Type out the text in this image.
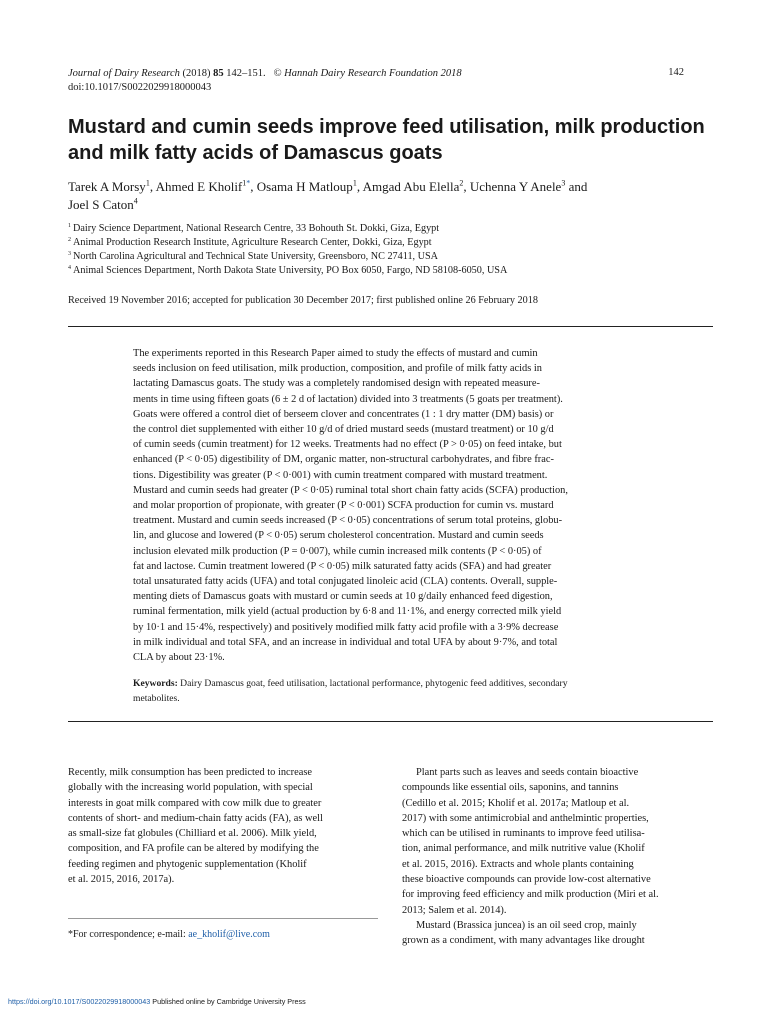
Journal of Dairy Research (2018) 85 142–151. © Hannah Dairy Research Foundation 2018
doi:10.1017/S0022029918000043
142
Mustard and cumin seeds improve feed utilisation, milk production
and milk fatty acids of Damascus goats
Tarek A Morsy$^1$, Ahmed E Kholif$^{1*}$, Osama H Matloup$^1$, Amgad Abu Elella$^2$, Uchenna Y Anele$^3$ and
Joel S Caton$^4$
$^1$ Dairy Science Department, National Research Centre, 33 Bohouth St. Dokki, Giza, Egypt
$^2$ Animal Production Research Institute, Agriculture Research Center, Dokki, Giza, Egypt
$^3$ North Carolina Agricultural and Technical State University, Greensboro, NC 27411, USA
$^4$ Animal Sciences Department, North Dakota State University, PO Box 6050, Fargo, ND 58108-6050, USA
Received 19 November 2016; accepted for publication 30 December 2017; first published online 26 February 2018
The experiments reported in this Research Paper aimed to study the effects of mustard and cumin
seeds inclusion on feed utilisation, milk production, composition, and profile of milk fatty acids in
lactating Damascus goats. The study was a completely randomised design with repeated measure-
ments in time using fifteen goats (6 ± 2 d of lactation) divided into 3 treatments (5 goats per treatment).
Goats were offered a control diet of berseem clover and concentrates (1 : 1 dry matter (DM) basis) or
the control diet supplemented with either 10 g/d of dried mustard seeds (mustard treatment) or 10 g/d
of cumin seeds (cumin treatment) for 12 weeks. Treatments had no effect (P > 0·05) on feed intake, but
enhanced (P < 0·05) digestibility of DM, organic matter, non-structural carbohydrates, and fibre frac-
tions. Digestibility was greater (P < 0·001) with cumin treatment compared with mustard treatment.
Mustard and cumin seeds had greater (P < 0·05) ruminal total short chain fatty acids (SCFA) production,
and molar proportion of propionate, with greater (P < 0·001) SCFA production for cumin vs. mustard
treatment. Mustard and cumin seeds increased (P < 0·05) concentrations of serum total proteins, globu-
lin, and glucose and lowered (P < 0·05) serum cholesterol concentration. Mustard and cumin seeds
inclusion elevated milk production (P = 0·007), while cumin increased milk contents (P < 0·05) of
fat and lactose. Cumin treatment lowered (P < 0·05) milk saturated fatty acids (SFA) and had greater
total unsaturated fatty acids (UFA) and total conjugated linoleic acid (CLA) contents. Overall, supple-
menting diets of Damascus goats with mustard or cumin seeds at 10 g/daily enhanced feed digestion,
ruminal fermentation, milk yield (actual production by 6·8 and 11·1%, and energy corrected milk yield
by 10·1 and 15·4%, respectively) and positively modified milk fatty acid profile with a 3·9% decrease
in milk individual and total SFA, and an increase in individual and total UFA by about 9·7%, and total
CLA by about 23·1%.
Keywords: Dairy Damascus goat, feed utilisation, lactational performance, phytogenic feed additives, secondary
metabolites.

Recently, milk consumption has been predicted to increase

globally with the increasing world population, with special

interests in goat milk compared with cow milk due to greater

contents of short- and medium-chain fatty acids (FA), as well

as small-size fat globules (Chilliard et al. 2006). Milk yield,

composition, and FA profile can be altered by modifying the

feeding regimen and phytogenic supplementation (Kholif

et al. 2015, 2016, 2017a).

Plant parts such as leaves and seeds contain bioactive

compounds like essential oils, saponins, and tannins

(Cedillo et al. 2015; Kholif et al. 2017a; Matloup et al.

2017) with some antimicrobial and anthelmintic properties,

which can be utilised in ruminants to improve feed utilisa-

tion, animal performance, and milk nutritive value (Kholif

et al. 2015, 2016). Extracts and whole plants containing

these bioactive compounds can provide low-cost alternative

for improving feed efficiency and milk production (Miri et al.

2013; Salem et al. 2014).

Mustard (Brassica juncea) is an oil seed crop, mainly

grown as a condiment, with many advantages like drought

*For correspondence; e-mail: ae_kholif@live.com
https://doi.org/10.1017/S0022029918000043 Published online by Cambridge University Press
